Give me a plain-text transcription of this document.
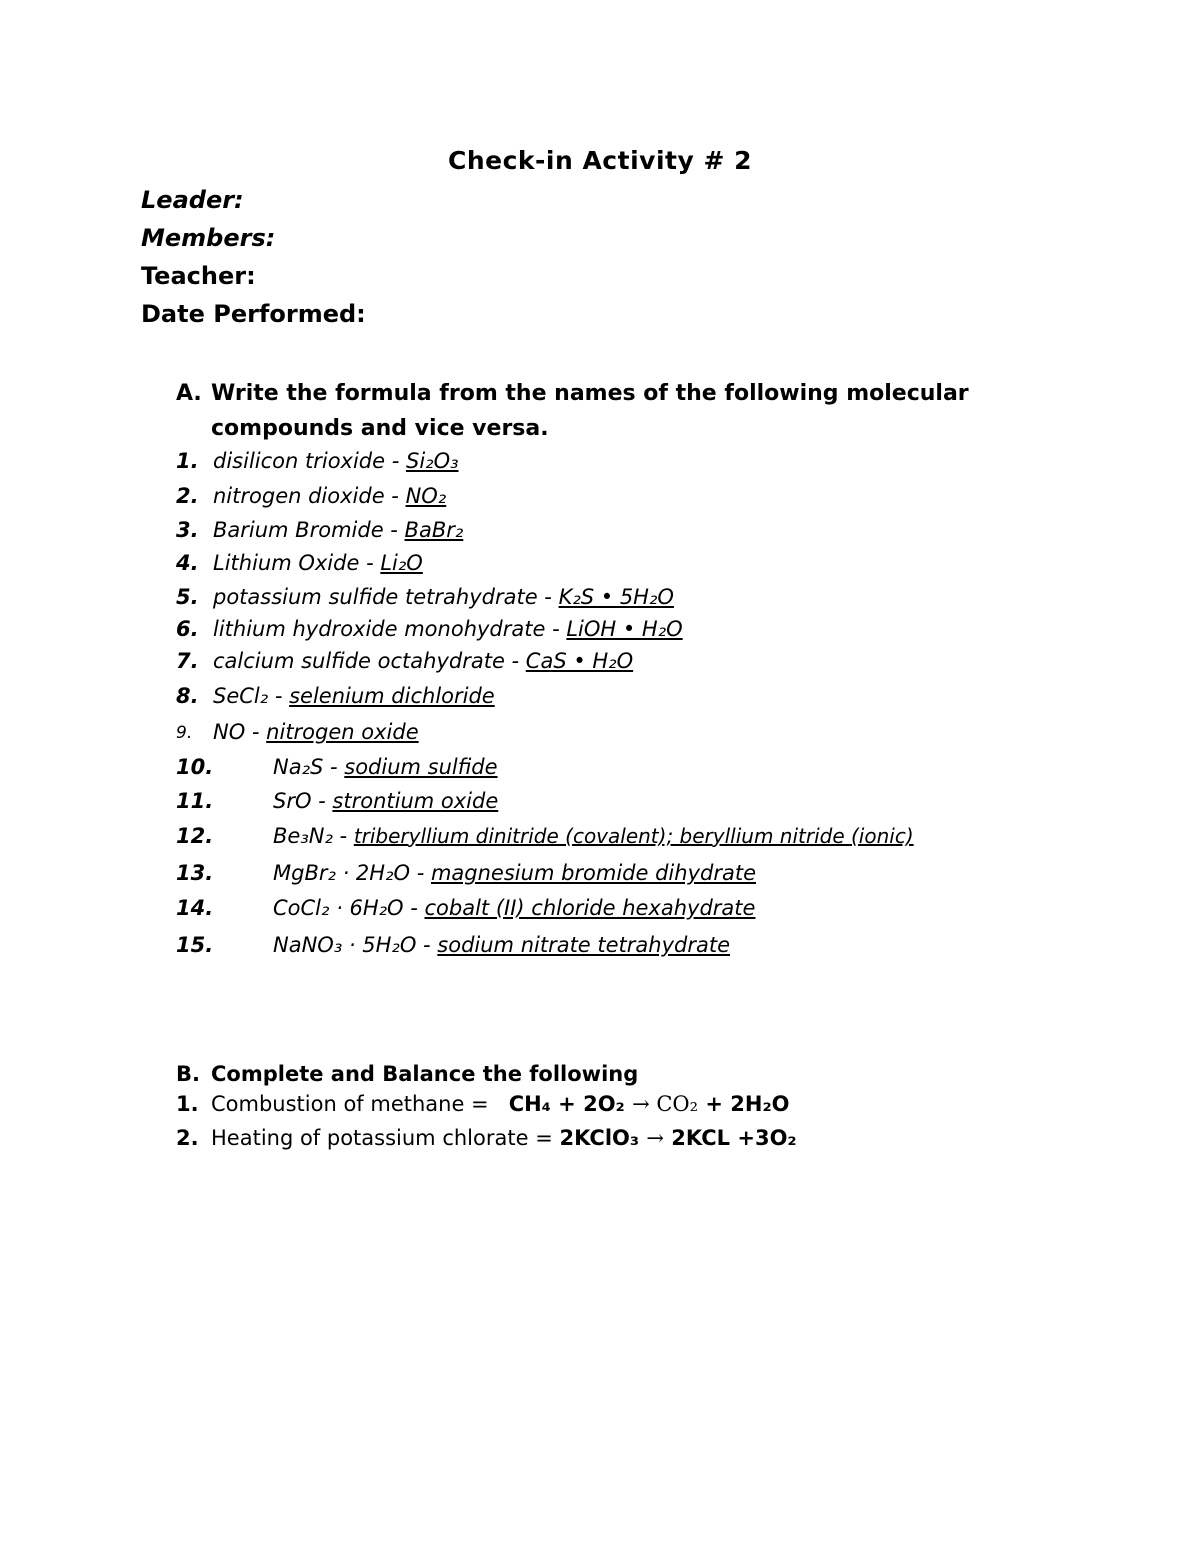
Check-in Activity # 2
Leader:
Members:
Teacher:
Date Performed:
A. Write the formula from the names of the following molecular
compounds and vice versa.
1. disilicon trioxide - Si₂O₃
2. nitrogen dioxide - NO₂
3. Barium Bromide - BaBr₂
4. Lithium Oxide - Li₂O
5. potassium sulfide tetrahydrate - K₂S • 5H₂O
6. lithium hydroxide monohydrate - LiOH • H₂O
7. calcium sulfide octahydrate - CaS • H₂O
8. SeCl₂ - selenium dichloride
9. NO - nitrogen oxide
10.	Na₂S - sodium sulfide
11.	SrO - strontium oxide
12.	Be₃N₂ - triberyllium dinitride (covalent); beryllium nitride (ionic)
13.	MgBr₂ · 2H₂O - magnesium bromide dihydrate
14.	CoCl₂ · 6H₂O - cobalt (II) chloride hexahydrate
15.	NaNO₃ · 5H₂O - sodium nitrate tetrahydrate
B. Complete and Balance the following
1. Combustion of methane =   CH₄ + 2O₂ → CO₂ + 2H₂O
2. Heating of potassium chlorate = 2KClO₃ → 2KCL +3O₂
